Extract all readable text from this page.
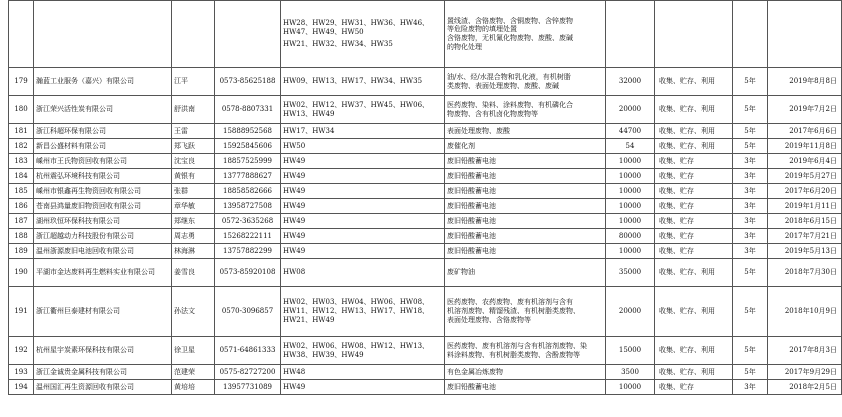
				HW28、HW29、HW31、HW36、HW46、
HW47、HW49、HW50
HW21、HW32、HW34、HW35	置线渣、含铬废物、含铜废物、含锌废物
等危险废物的填埋处置
含铬废物，无机氰化物废物、废酸、废碱
的物化处理				

179	瀚蓝工业服务（嘉兴）有限公司	江平	0573-85625188	HW09、HW13、HW17、HW34、HW35	油/水、烃/水混合物和乳化液，有机树脂
类废物、表面处理废物、废酸、废碱	32000	收集、贮存、利用	5年	2019年8月8日
180	浙江荣兴活性炭有限公司	舒洪南	0578-8807331	HW02、HW12、HW37、HW45、HW06、
HW13、HW49	医药废物、染料、涂料废物、有机磷化合
物废物、含有机卤化物废物等	20000	收集、贮存、利用	5年	2019年7月2日
181	浙江科超环保有限公司	王雷	15888952568	HW17、HW34	表面处理废物、废酸	44700	收集、贮存、利用	5年	2017年6月6日
182	新昌公盛材料有限公司	郑飞跃	15925845606	HW50	废催化剂	54	收集、贮存、利用	5年	2019年11月8日
183	嵊州市王氏物资回收有限公司	沈宝良	18857525999	HW49	废旧铅酸蓄电池	10000	收集、贮存	3年	2019年6月4日
184	杭州震弘环境科技有限公司	黄银有	13777888627	HW49	废旧铅酸蓄电池	10000	收集、贮存	3年	2019年5月27日
185	嵊州市银鑫再生物资回收有限公司	张群	18858582666	HW49	废旧铅酸蓄电池	10000	收集、贮存	3年	2017年6月20日
186	苍南县鸿量废旧物资回收有限公司	章华敏	13958727508	HW49	废旧铅酸蓄电池	10000	收集、贮存	3年	2019年1月11日
187	湖州玖恒环保科技有限公司	郑继东	0572-3635268	HW49	废旧铅酸蓄电池	10000	收集、贮存	3年	2018年6月15日
188	浙江超越动力科技股份有限公司	周志勇	15268222111	HW49	废旧铅酸蓄电池	80000	收集、贮存	3年	2017年7月21日
189	温州浙源废旧电池回收有限公司	林海淋	13757882299	HW49	废旧铅酸蓄电池	10000	收集、贮存	3年	2019年5月13日
190	平湖市金达废料再生燃料实业有限公司	姜雪良	0573-85920108	HW08	废矿物油	35000	收集、贮存、利用	5年	2018年7月30日
191	浙江衢州巨泰建材有限公司	孙法文	0570-3096857	HW02、HW03、HW04、HW06、HW08、
HW11、HW12、HW13、HW17、HW18、
HW21、HW49	医药废物、农药废物、废有机溶剂与含有
机溶剂废物、精馏残渣、有机树脂类废物、
表面处理废物、含铬废物等	20000	收集、贮存、利用	5年	2018年10月9日
192	杭州星宇炭素环保科技有限公司	徐卫星	0571-64861333	HW02、HW06、HW08、HW12、HW13、
HW38、HW39、HW49	医药废物、废有机溶剂与含有机溶剂废物、染
料涂料废物、有机树脂类废物、含酚废物等	15000	收集、贮存、利用	5年	2017年8月3日
193	浙江金诚贵金属科技有限公司	范建荣	0575-82727200	HW48	有色金属冶炼废物	3500	收集、贮存、利用	5年	2017年9月29日
194	温州国汇再生资源回收有限公司	黄培培	13957731089	HW49	废旧铅酸蓄电池	10000	收集、贮存	3年	2018年2月5日
